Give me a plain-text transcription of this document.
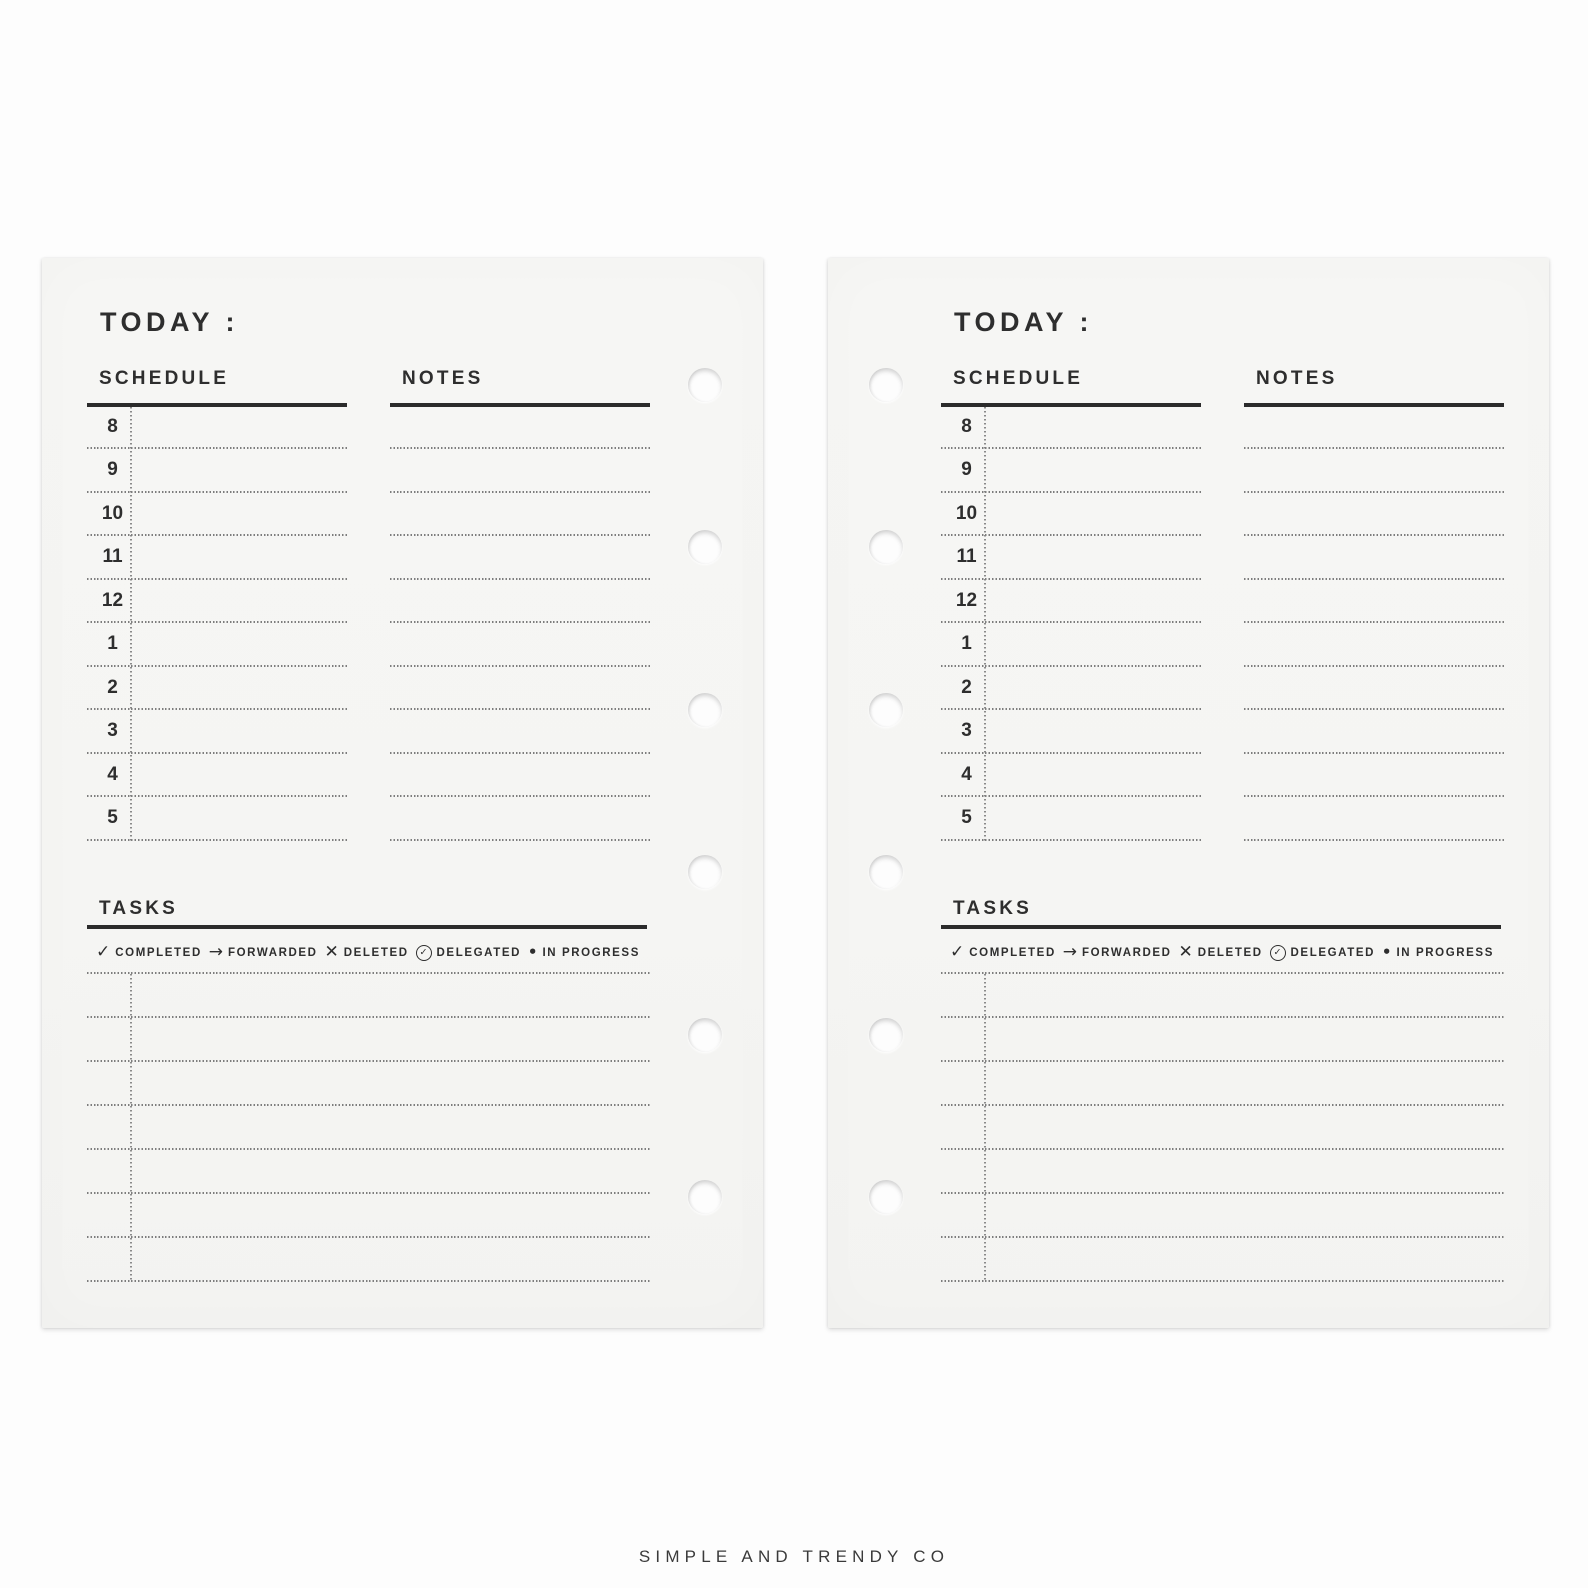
TODAY :
SCHEDULE
8
9
10
11
12
1
2
3
4
5
NOTES
TASKS
✓ COMPLETED → FORWARDED ✕ DELETED	✓ DELEGATED • IN PROGRESS
TODAY :
SCHEDULE
8
9
10
11
12
1
2
3
4
5
NOTES
TASKS
✓ COMPLETED → FORWARDED ✕ DELETED	✓ DELEGATED • IN PROGRESS
SIMPLE AND TRENDY CO
